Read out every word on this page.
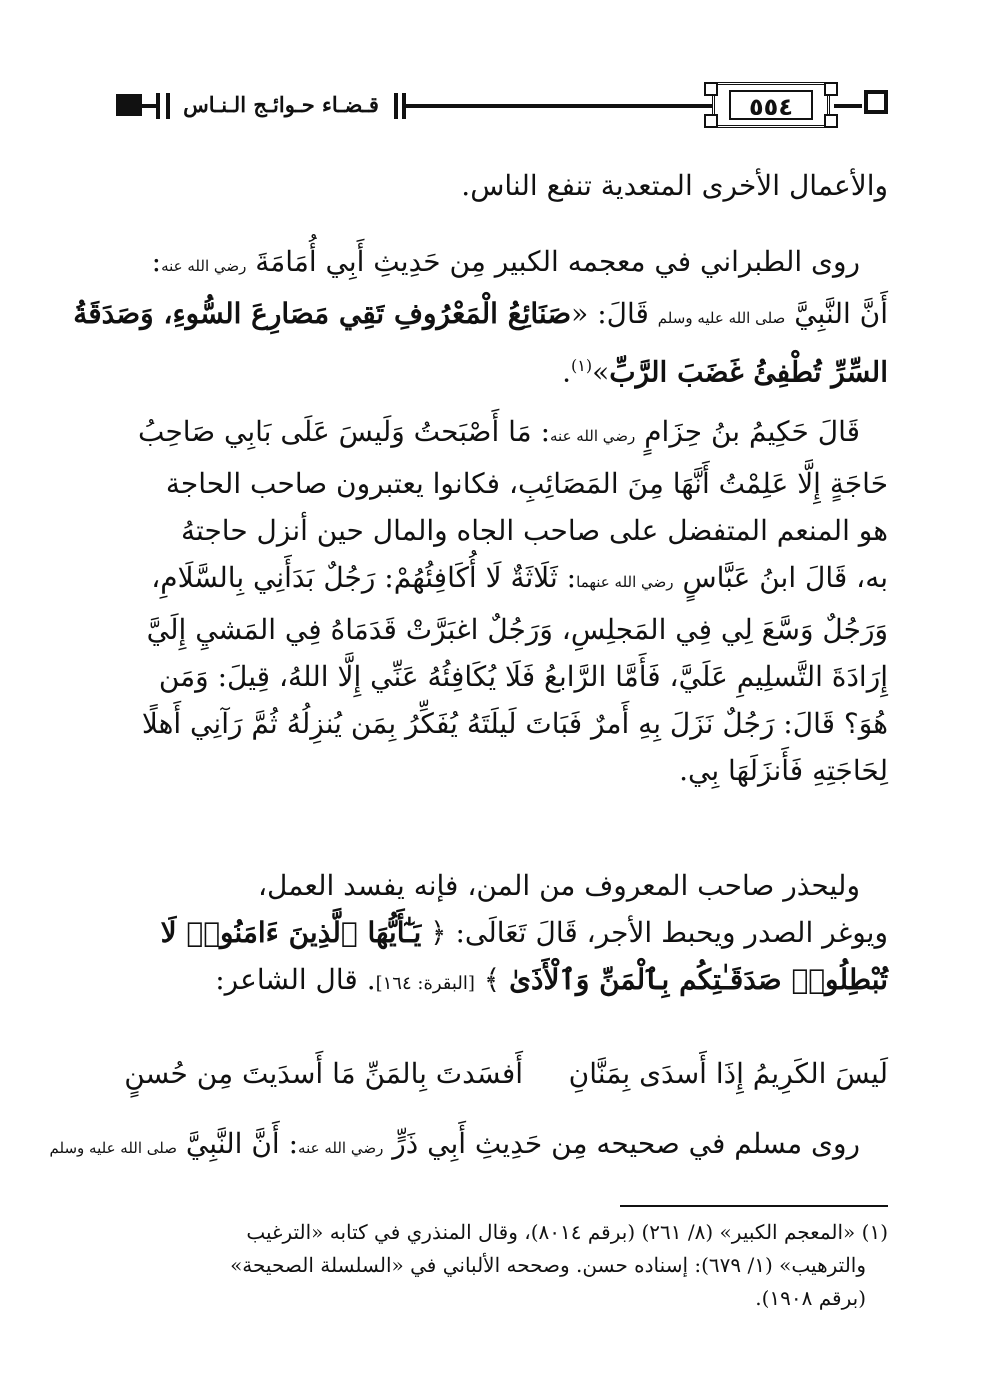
قـضـاء حـوائـج الـنـاس	٥٥٤
والأعمال الأخرى المتعدية تنفع الناس.
روى الطبراني في معجمه الكبير مِن حَدِيثِ أَبِي أُمَامَةَ رضي الله عنه:
أَنَّ النَّبِيَّ صلى الله عليه وسلم قَالَ: «صَنَائِعُ الْمَعْرُوفِ تَقِي مَصَارِعَ السُّوءِ، وَصَدَقَةُ
السِّرِّ تُطْفِئُ غَضَبَ الرَّبِّ»$^{(١)}$.
قَالَ حَكِيمُ بنُ حِزَامٍ رضي الله عنه: مَا أَصْبَحتُ وَلَيسَ عَلَى بَابِي صَاحِبُ
حَاجَةٍ إِلَّا عَلِمْتُ أَنَّهَا مِنَ المَصَائِبِ، فكانوا يعتبرون صاحب الحاجة
هو المنعم المتفضل على صاحب الجاه والمال حين أنزل حاجتهُ
به، قَالَ ابنُ عَبَّاسٍ رضي الله عنهما: ثَلَاثَةٌ لَا أُكَافِئُهُمْ: رَجُلٌ بَدَأَنِي بِالسَّلَامِ،
وَرَجُلٌ وَسَّعَ لِي فِي المَجلِسِ، وَرَجُلٌ اغبَرَّتْ قَدَمَاهُ فِي المَشيِ إِلَيَّ
إِرَادَةَ التَّسلِيمِ عَلَيَّ، فَأَمَّا الرَّابعُ فَلَا يُكَافِئُهُ عَنِّي إِلَّا اللهُ، قِيلَ: وَمَن
هُوَ؟ قَالَ: رَجُلٌ نَزَلَ بِهِ أَمرٌ فَبَاتَ لَيلَتَهُ يُفَكِّرُ بِمَن يُنزِلُهُ ثُمَّ رَآنِي أَهلًا
لِحَاجَتِهِ فَأَنزَلَهَا بِي.
وليحذر صاحب المعروف من المن، فإنه يفسد العمل،
ويوغر الصدر ويحبط الأجر، قَالَ تَعَالَى: ﴿ يَـٰٓأَيُّهَا ٱلَّذِينَ ءَامَنُوا۟ لَا
تُبْطِلُوا۟ صَدَقَـٰتِكُم بِٱلْمَنِّ وَٱلْأَذَىٰ ﴾ [البقرة: ١٦٤]. قال الشاعر:
أَفسَدتَ بِالمَنِّ مَا أَسدَيتَ مِن حُسنٍ لَيسَ الكَرِيمُ إِذَا أَسدَى بِمَنَّانِ
روى مسلم في صحيحه مِن حَدِيثِ أَبِي ذَرٍّ رضي الله عنه: أَنَّ النَّبِيَّ صلى الله عليه وسلم
(١) «المعجم الكبير» (٨/ ٢٦١) (برقم ٨٠١٤)، وقال المنذري في كتابه «الترغيب
والترهيب» (١/ ٦٧٩): إسناده حسن. وصححه الألباني في «السلسلة الصحيحة»
(برقم ١٩٠٨).
